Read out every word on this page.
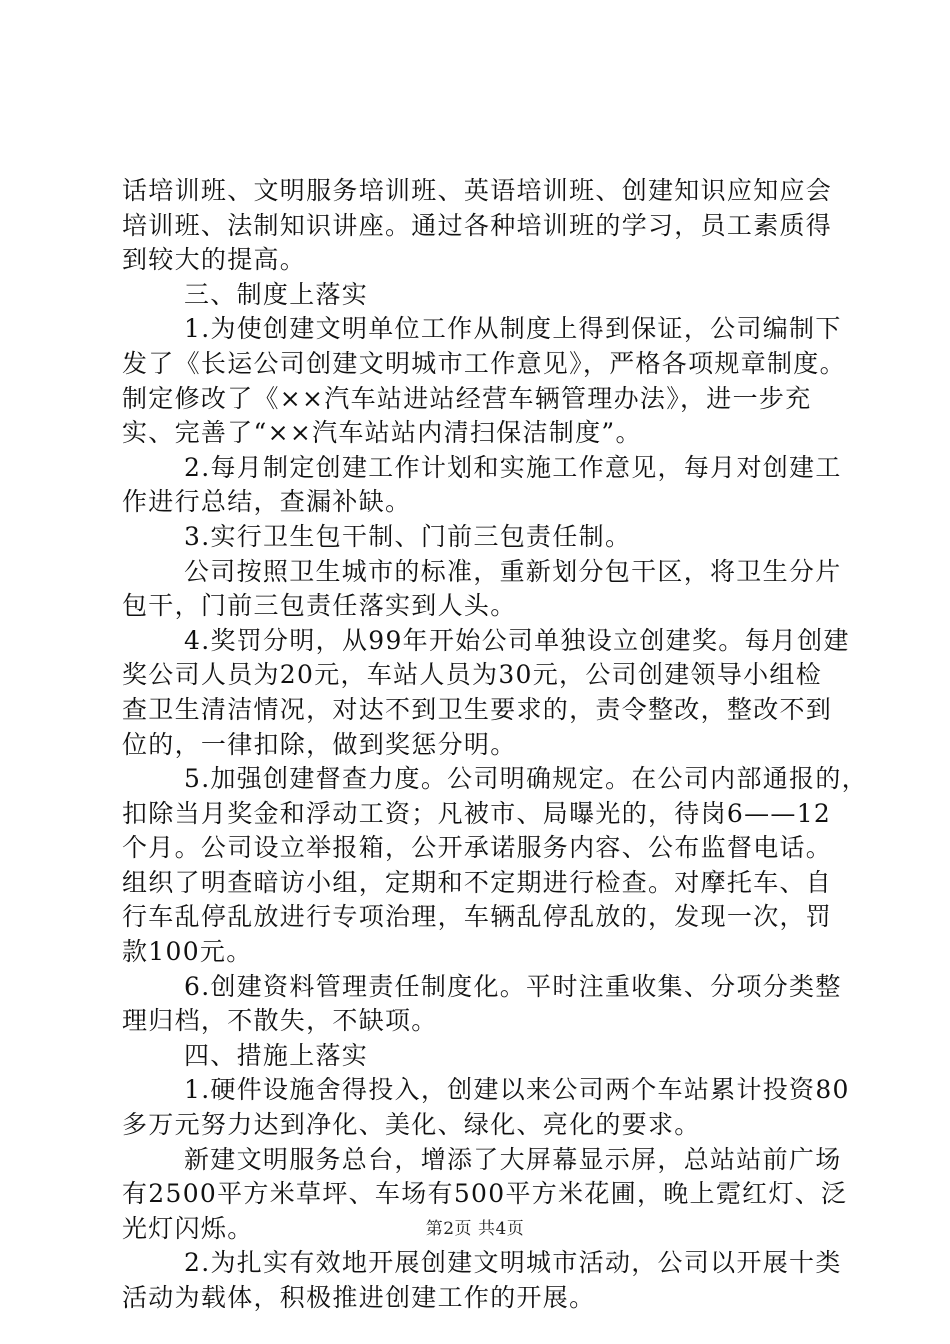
话培训班、文明服务培训班、英语培训班、创建知识应知应会
培训班、法制知识讲座。通过各种培训班的学习，员工素质得
到较大的提高。
三、制度上落实
1.为使创建文明单位工作从制度上得到保证，公司编制下
发了《长运公司创建文明城市工作意见》，严格各项规章制度。
制定修改了《××汽车站进站经营车辆管理办法》，进一步充
实、完善了“××汽车站站内清扫保洁制度”。
2.每月制定创建工作计划和实施工作意见，每月对创建工
作进行总结，查漏补缺。
3.实行卫生包干制、门前三包责任制。
公司按照卫生城市的标准，重新划分包干区，将卫生分片
包干，门前三包责任落实到人头。
4.奖罚分明，从99年开始公司单独设立创建奖。每月创建
奖公司人员为20元，车站人员为30元，公司创建领导小组检
查卫生清洁情况，对达不到卫生要求的，责令整改，整改不到
位的，一律扣除，做到奖惩分明。
5.加强创建督查力度。公司明确规定。在公司内部通报的，
扣除当月奖金和浮动工资；凡被市、局曝光的，待岗6——12
个月。公司设立举报箱，公开承诺服务内容、公布监督电话。
组织了明查暗访小组，定期和不定期进行检查。对摩托车、自
行车乱停乱放进行专项治理，车辆乱停乱放的，发现一次，罚
款100元。
6.创建资料管理责任制度化。平时注重收集、分项分类整
理归档，不散失，不缺项。
四、措施上落实
1.硬件设施舍得投入，创建以来公司两个车站累计投资80
多万元努力达到净化、美化、绿化、亮化的要求。
新建文明服务总台，增添了大屏幕显示屏，总站站前广场
有2500平方米草坪、车场有500平方米花圃，晚上霓红灯、泛
光灯闪烁。
2.为扎实有效地开展创建文明城市活动，公司以开展十类
活动为载体，积极推进创建工作的开展。
第2页 共4页
